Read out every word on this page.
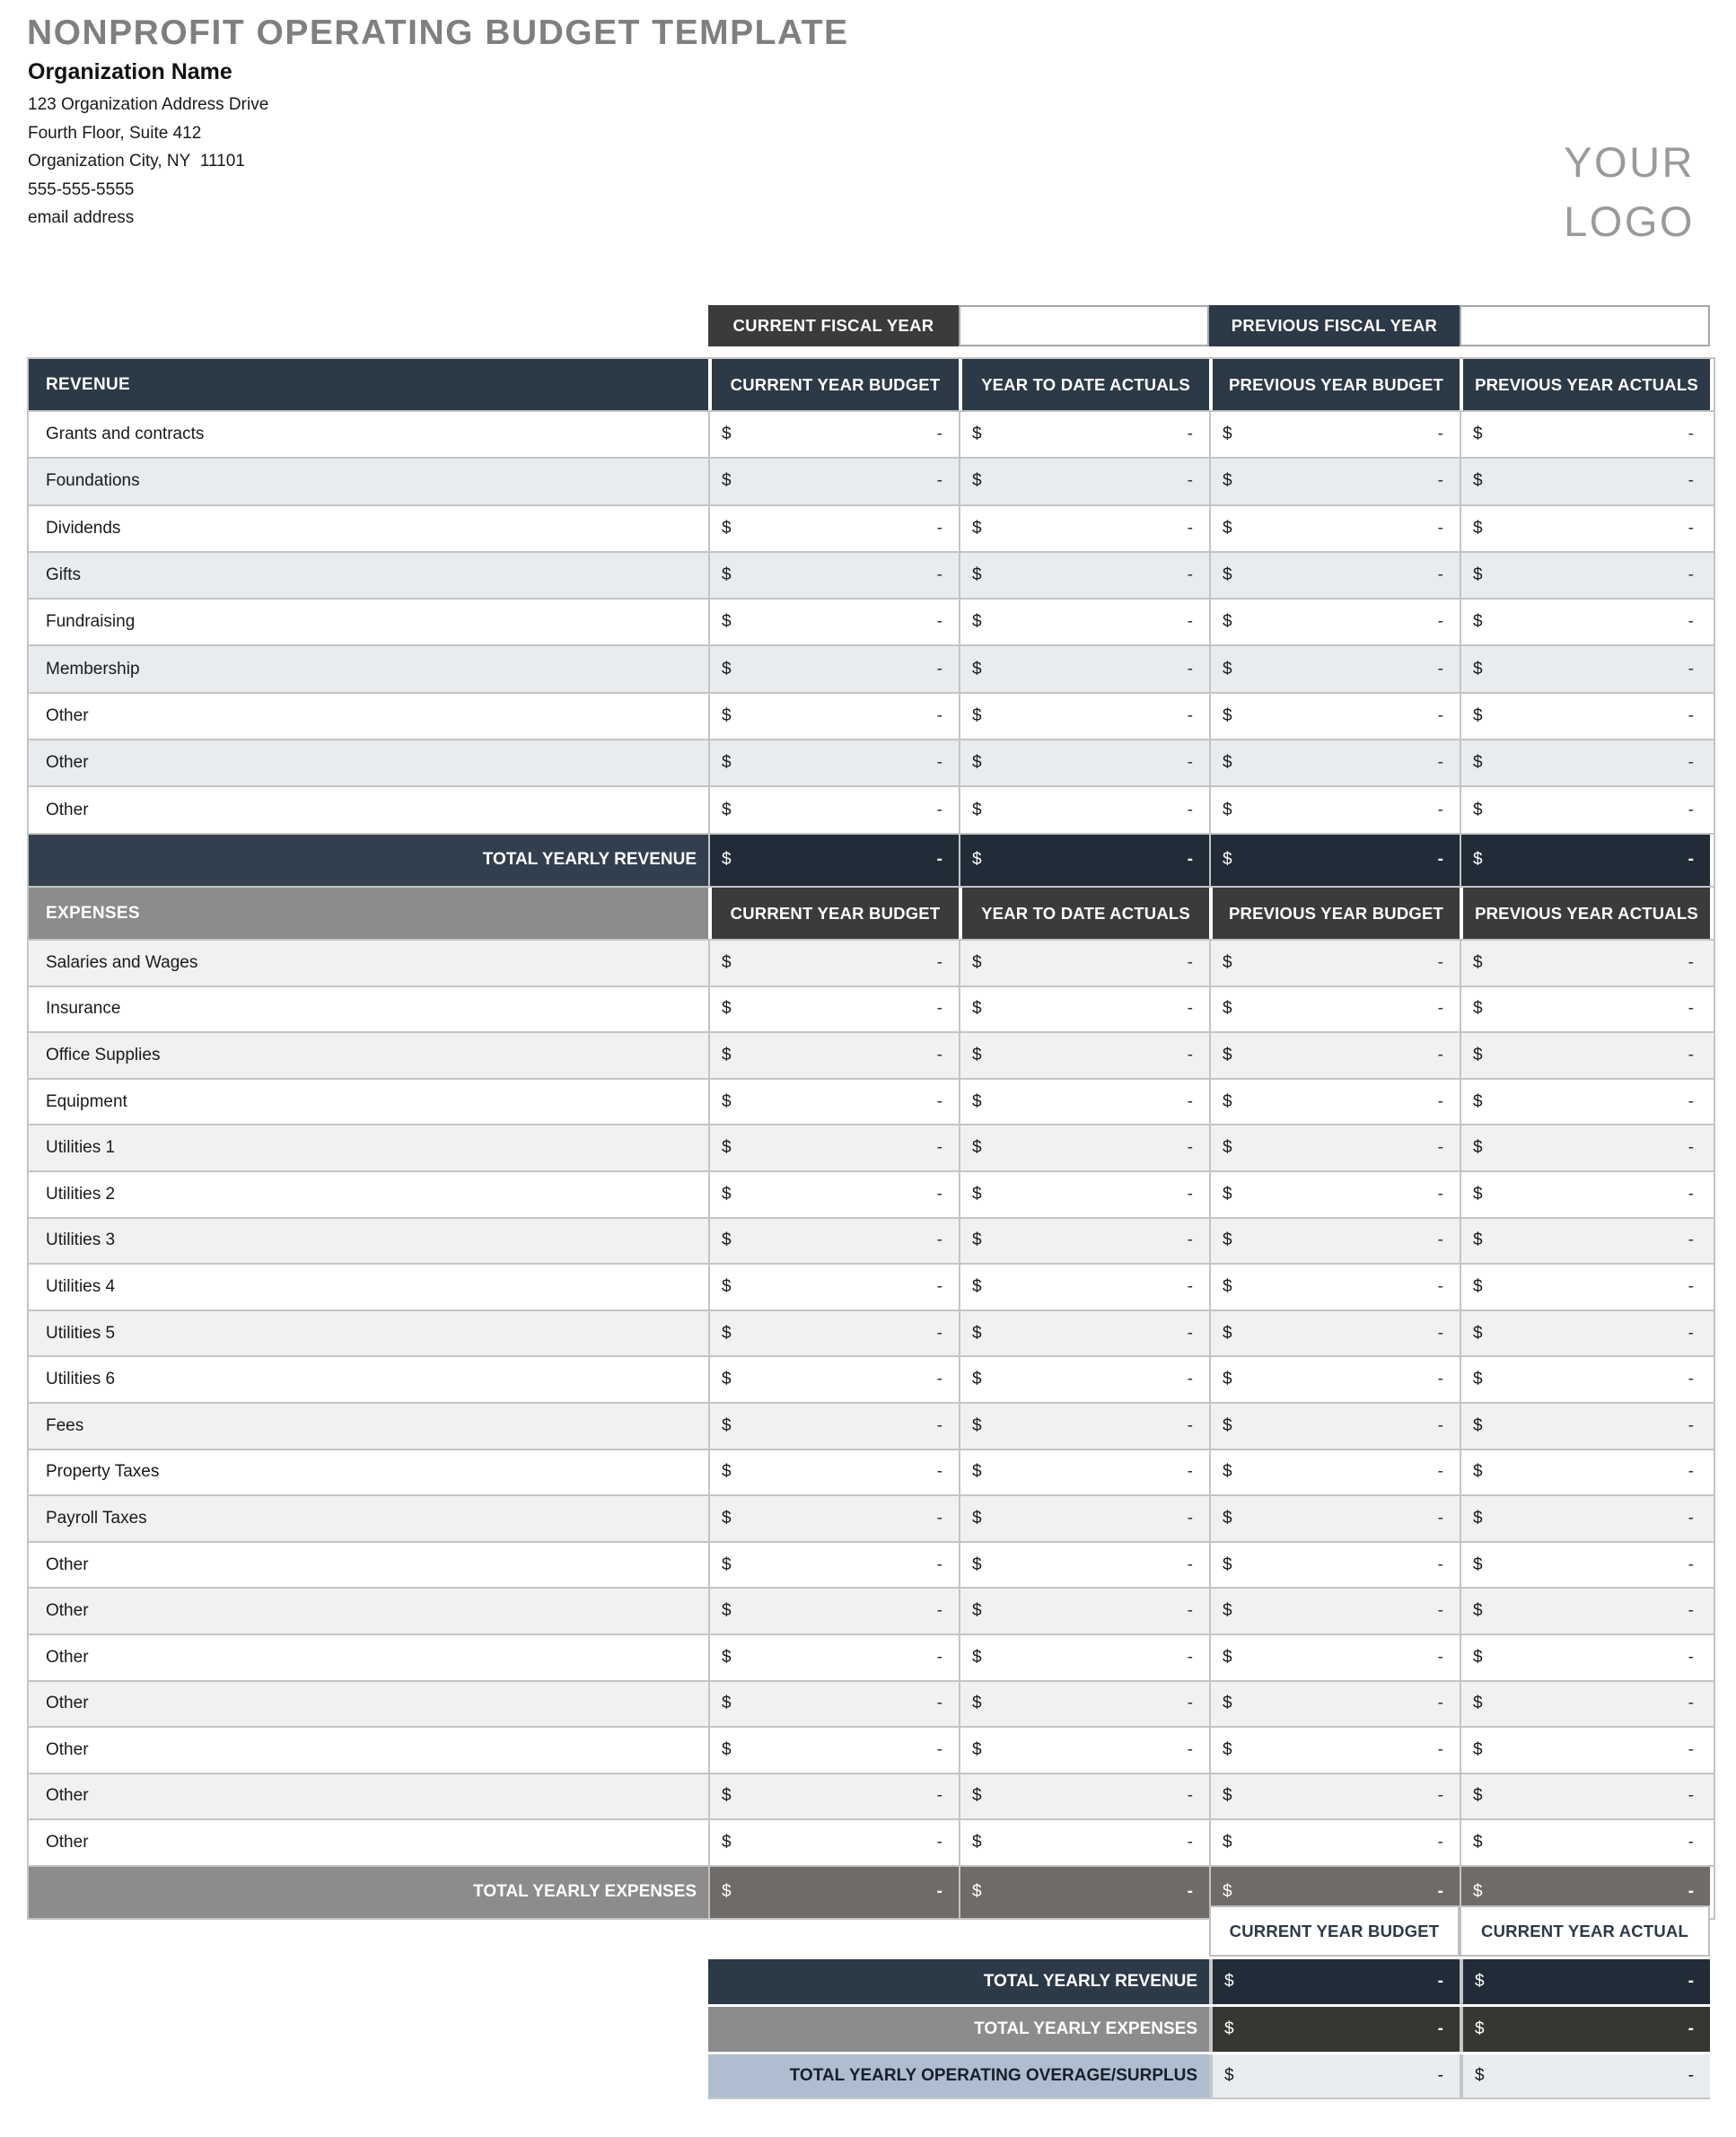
NONPROFIT OPERATING BUDGET TEMPLATE
Organization Name
123 Organization Address Drive
Fourth Floor, Suite 412
Organization City, NY  11101
555-555-5555
email address
YOUR
LOGO
CURRENT FISCAL YEAR	PREVIOUS FISCAL YEAR
REVENUE	CURRENT YEAR BUDGET	YEAR TO DATE ACTUALS	PREVIOUS YEAR BUDGET	PREVIOUS YEAR ACTUALS
Grants and contracts	$	- $	- $	- $	-
Foundations	$	- $	- $	- $	-
Dividends	$	- $	- $	- $	-
Gifts	$	- $	- $	- $	-
Fundraising	$	- $	- $	- $	-
Membership	$	- $	- $	- $	-
Other	$	- $	- $	- $	-
Other	$	- $	- $	- $	-
Other	$	- $	- $	- $	-
TOTAL YEARLY REVENUE	$	- $	- $	- $	-
EXPENSES	CURRENT YEAR BUDGET	YEAR TO DATE ACTUALS	PREVIOUS YEAR BUDGET	PREVIOUS YEAR ACTUALS
Salaries and Wages	$	- $	- $	- $	-
Insurance	$	- $	- $	- $	-
Office Supplies	$	- $	- $	- $	-
Equipment	$	- $	- $	- $	-
Utilities 1	$	- $	- $	- $	-
Utilities 2	$	- $	- $	- $	-
Utilities 3	$	- $	- $	- $	-
Utilities 4	$	- $	- $	- $	-
Utilities 5	$	- $	- $	- $	-
Utilities 6	$	- $	- $	- $	-
Fees	$	- $	- $	- $	-
Property Taxes	$	- $	- $	- $	-
Payroll Taxes	$	- $	- $	- $	-
Other	$	- $	- $	- $	-
Other	$	- $	- $	- $	-
Other	$	- $	- $	- $	-
Other	$	- $	- $	- $	-
Other	$	- $	- $	- $	-
Other	$	- $	- $	- $	-
Other	$	- $	- $	- $	-
TOTAL YEARLY EXPENSES	$	- $	- $	- $	-
CURRENT YEAR BUDGET	CURRENT YEAR ACTUAL
TOTAL YEARLY REVENUE	$	- $	-
TOTAL YEARLY EXPENSES	$	- $	-
TOTAL YEARLY OPERATING OVERAGE/SURPLUS	$	- $	-
